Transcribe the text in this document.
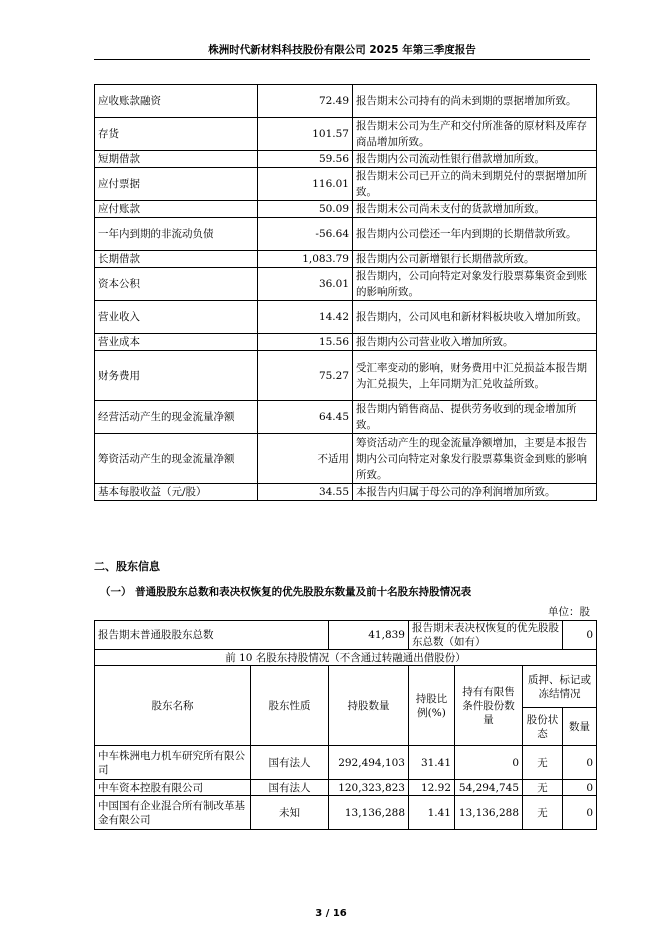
株洲时代新材料科技股份有限公司 2025 年第三季度报告
应收账款融资	72.49	报告期末公司持有的尚未到期的票据增加所致。
存货	101.57	报告期末公司为生产和交付所准备的原材料及库存商品增加所致。
短期借款	59.56	报告期内公司流动性银行借款增加所致。
应付票据	116.01	报告期末公司已开立的尚未到期兑付的票据增加所致。
应付账款	50.09	报告期末公司尚未支付的货款增加所致。
一年内到期的非流动负债	-56.64	报告期内公司偿还一年内到期的长期借款所致。
长期借款	1,083.79	报告期内公司新增银行长期借款所致。
资本公积	36.01	报告期内，公司向特定对象发行股票募集资金到账的影响所致。
营业收入	14.42	报告期内，公司风电和新材料板块收入增加所致。
营业成本	15.56	报告期内公司营业收入增加所致。
财务费用	75.27	受汇率变动的影响，财务费用中汇兑损益本报告期为汇兑损失，上年同期为汇兑收益所致。
经营活动产生的现金流量净额	64.45	报告期内销售商品、提供劳务收到的现金增加所致。
筹资活动产生的现金流量净额	不适用	筹资活动产生的现金流量净额增加，主要是本报告期内公司向特定对象发行股票募集资金到账的影响所致。
基本每股收益（元/股）	34.55	本报告内归属于母公司的净利润增加所致。
二、股东信息
（一） 普通股股东总数和表决权恢复的优先股股东数量及前十名股东持股情况表
单位：股
报告期末普通股股东总数		41,839	报告期末表决权恢复的优先股股东总数（如有）			0
前 10 名股东持股情况（不含通过转融通出借股份）						
股东名称	股东性质	持股数量	持股比例(%)	持有有限售条件股份数量	质押、标记或冻结情况	
					股份状态	数量
中车株洲电力机车研究所有限公司	国有法人	292,494,103	31.41	0	无	0
中车资本控股有限公司	国有法人	120,323,823	12.92	54,294,745	无	0
中国国有企业混合所有制改革基金有限公司	未知	13,136,288	1.41	13,136,288	无	0
3 / 16
